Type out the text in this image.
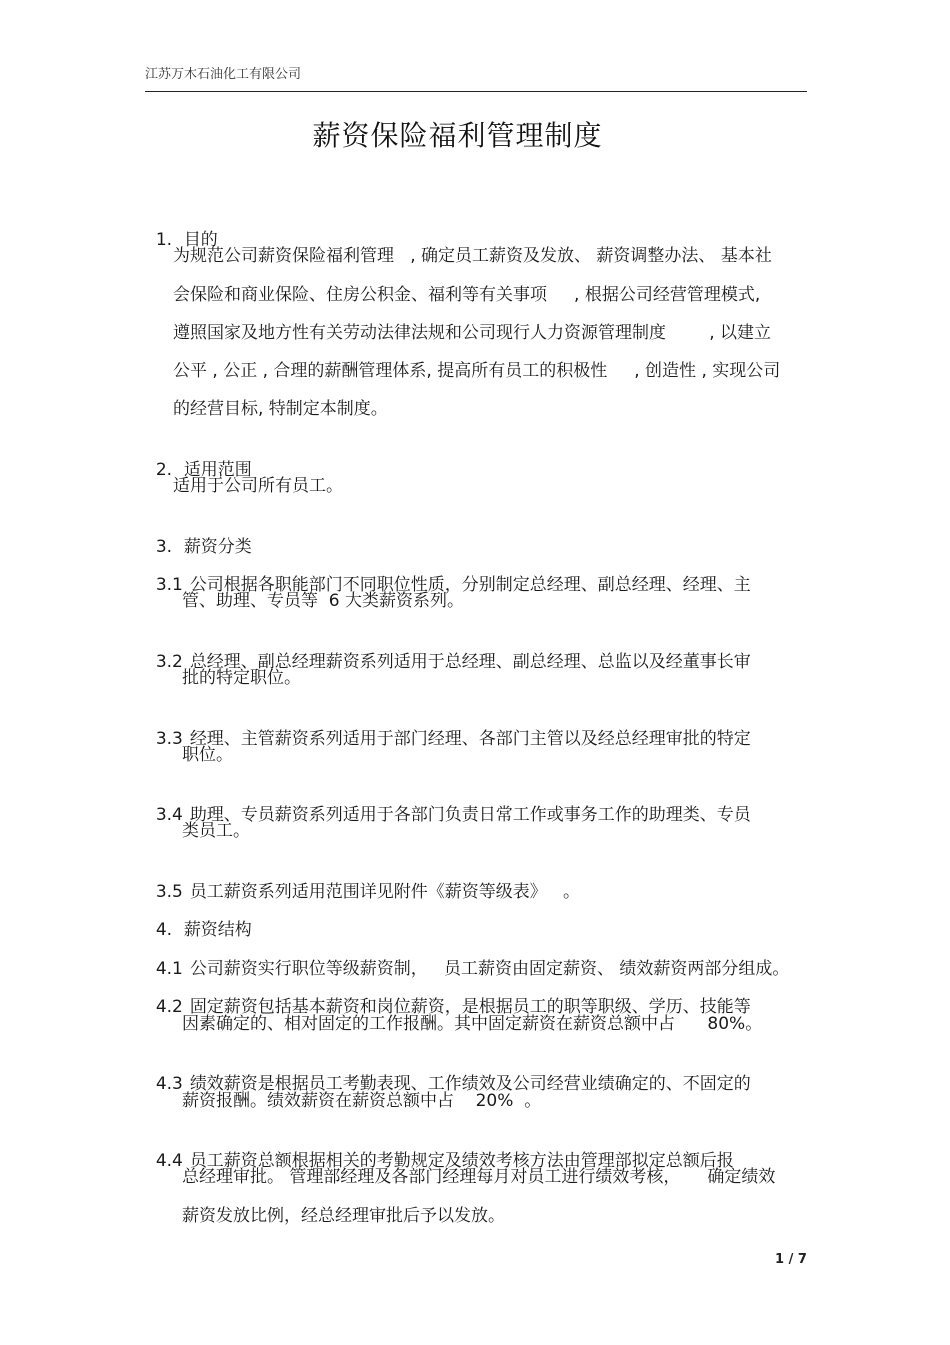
江苏万木石油化工有限公司
薪资保险福利管理制度

1. 目的

为规范公司薪资保险福利管理   , 确定员工薪资及发放、 薪资调整办法、 基本社
会保险和商业保险、住房公积金、福利等有关事项     , 根据公司经营管理模式,
遵照国家及地方性有关劳动法律法规和公司现行人力资源管理制度        , 以建立
公平 , 公正 , 合理的薪酬管理体系, 提高所有员工的积极性     , 创造性 , 实现公司
的经营目标, 特制定本制度。

2. 适用范围

适用于公司所有员工。

3. 薪资分类

3.1 公司根据各职能部门不同职位性质，分别制定总经理、副总经理、经理、主

管、助理、专员等  6 大类薪资系列。

3.2 总经理、副总经理薪资系列适用于总经理、副总经理、总监以及经董事长审

批的特定职位。

3.3 经理、主管薪资系列适用于部门经理、各部门主管以及经总经理审批的特定

职位。

3.4 助理、专员薪资系列适用于各部门负责日常工作或事务工作的助理类、专员

类员工。

3.5 员工薪资系列适用范围详见附件《薪资等级表》   。

4. 薪资结构

4.1 公司薪资实行职位等级薪资制，   员工薪资由固定薪资、 绩效薪资两部分组成。

4.2 固定薪资包括基本薪资和岗位薪资，是根据员工的职等职级、学历、技能等

因素确定的、相对固定的工作报酬。其中固定薪资在薪资总额中占      80%。

4.3 绩效薪资是根据员工考勤表现、工作绩效及公司经营业绩确定的、不固定的

薪资报酬。绩效薪资在薪资总额中占    20%  。

4.4 员工薪资总额根据相关的考勤规定及绩效考核方法由管理部拟定总额后报

总经理审批。 管理部经理及各部门经理每月对员工进行绩效考核，     确定绩效
薪资发放比例，经总经理审批后予以发放。
1 / 7
